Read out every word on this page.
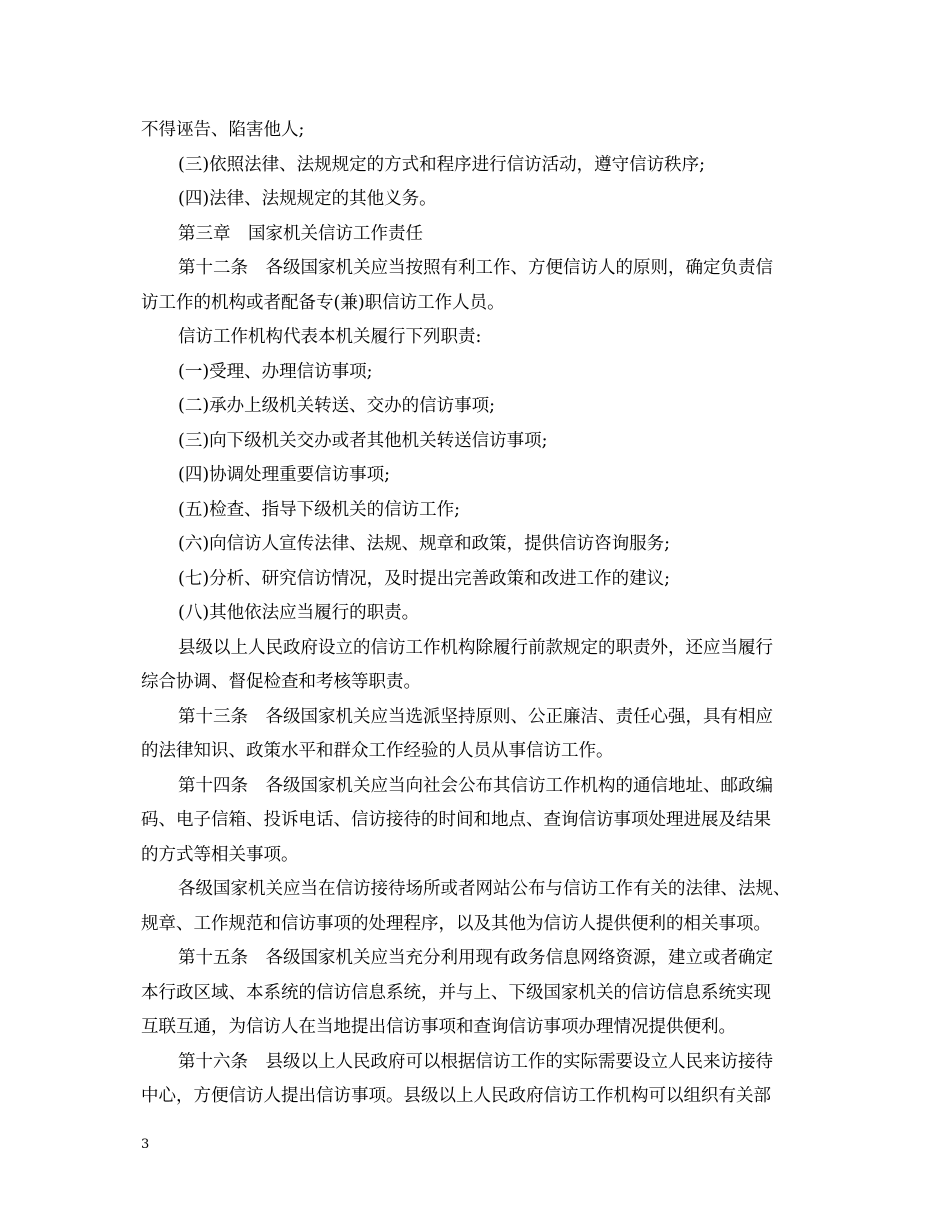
不得诬告、陷害他人;
(三)依照法律、法规规定的方式和程序进行信访活动，遵守信访秩序;
(四)法律、法规规定的其他义务。
第三章　国家机关信访工作责任
第十二条　各级国家机关应当按照有利工作、方便信访人的原则，确定负责信
访工作的机构或者配备专(兼)职信访工作人员。
信访工作机构代表本机关履行下列职责:
(一)受理、办理信访事项;
(二)承办上级机关转送、交办的信访事项;
(三)向下级机关交办或者其他机关转送信访事项;
(四)协调处理重要信访事项;
(五)检查、指导下级机关的信访工作;
(六)向信访人宣传法律、法规、规章和政策，提供信访咨询服务;
(七)分析、研究信访情况，及时提出完善政策和改进工作的建议;
(八)其他依法应当履行的职责。
县级以上人民政府设立的信访工作机构除履行前款规定的职责外，还应当履行
综合协调、督促检查和考核等职责。
第十三条　各级国家机关应当选派坚持原则、公正廉洁、责任心强，具有相应
的法律知识、政策水平和群众工作经验的人员从事信访工作。
第十四条　各级国家机关应当向社会公布其信访工作机构的通信地址、邮政编
码、电子信箱、投诉电话、信访接待的时间和地点、查询信访事项处理进展及结果
的方式等相关事项。
各级国家机关应当在信访接待场所或者网站公布与信访工作有关的法律、法规、
规章、工作规范和信访事项的处理程序，以及其他为信访人提供便利的相关事项。
第十五条　各级国家机关应当充分利用现有政务信息网络资源，建立或者确定
本行政区域、本系统的信访信息系统，并与上、下级国家机关的信访信息系统实现
互联互通，为信访人在当地提出信访事项和查询信访事项办理情况提供便利。
第十六条　县级以上人民政府可以根据信访工作的实际需要设立人民来访接待
中心，方便信访人提出信访事项。县级以上人民政府信访工作机构可以组织有关部
3
